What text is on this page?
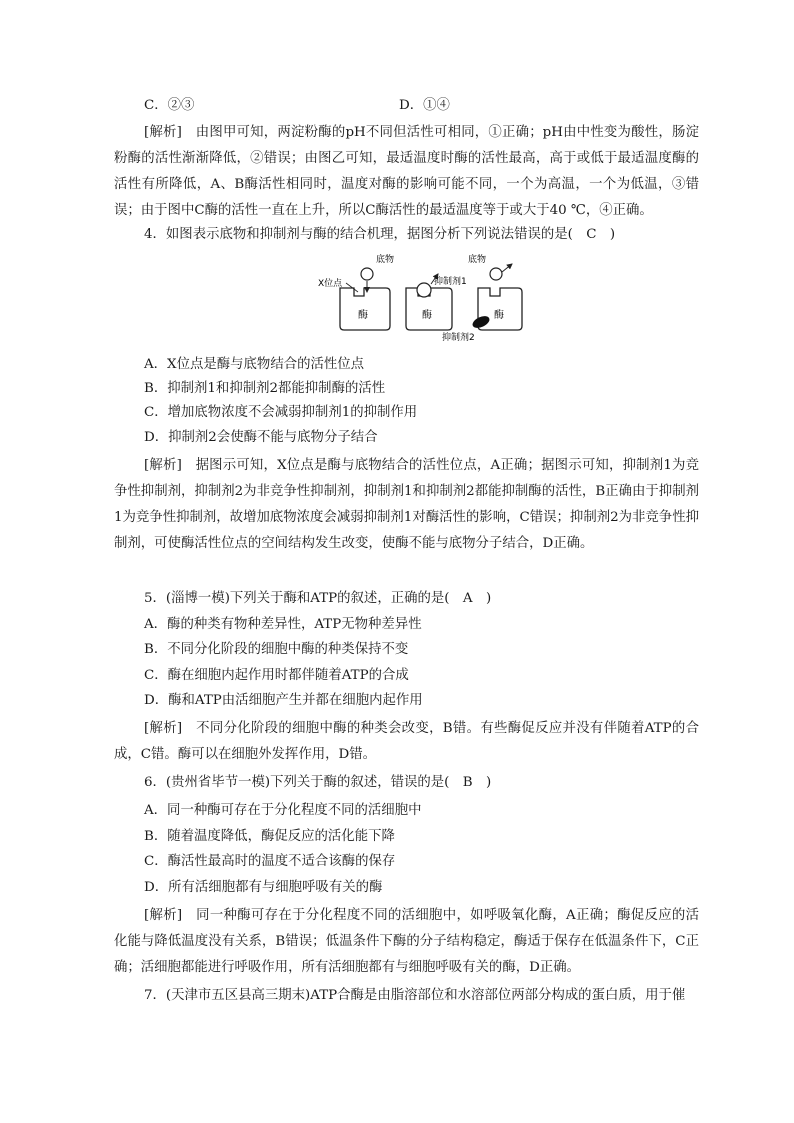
C．②③	D．①④
[解析]　由图甲可知，两淀粉酶的pH不同但活性可相同，①正确；pH由中性变为酸性，肠淀粉酶的活性渐渐降低，②错误；由图乙可知，最适温度时酶的活性最高，高于或低于最适温度酶的活性有所降低，A、B酶活性相同时，温度对酶的影响可能不同，一个为高温，一个为低温，③错误；由于图中C酶的活性一直在上升，所以C酶活性的最适温度等于或大于40 ℃，④正确。
4．如图表示底物和抑制剂与酶的结合机理，据图分析下列说法错误的是(　C　)
酶
底物
X位点
酶
抑制剂1
酶
底物
抑制剂2
A．X位点是酶与底物结合的活性位点
B．抑制剂1和抑制剂2都能抑制酶的活性
C．增加底物浓度不会减弱抑制剂1的抑制作用
D．抑制剂2会使酶不能与底物分子结合
[解析]　据图示可知，X位点是酶与底物结合的活性位点，A正确；据图示可知，抑制剂1为竞争性抑制剂，抑制剂2为非竞争性抑制剂，抑制剂1和抑制剂2都能抑制酶的活性，B正确由于抑制剂1为竞争性抑制剂，故增加底物浓度会减弱抑制剂1对酶活性的影响，C错误；抑制剂2为非竞争性抑制剂，可使酶活性位点的空间结构发生改变，使酶不能与底物分子结合，D正确。
5．(淄博一模)下列关于酶和ATP的叙述，正确的是(　A　)
A．酶的种类有物种差异性，ATP无物种差异性
B．不同分化阶段的细胞中酶的种类保持不变
C．酶在细胞内起作用时都伴随着ATP的合成
D．酶和ATP由活细胞产生并都在细胞内起作用
[解析]　不同分化阶段的细胞中酶的种类会改变，B错。有些酶促反应并没有伴随着ATP的合成，C错。酶可以在细胞外发挥作用，D错。
6．(贵州省毕节一模)下列关于酶的叙述，错误的是(　B　)
A．同一种酶可存在于分化程度不同的活细胞中
B．随着温度降低，酶促反应的活化能下降
C．酶活性最高时的温度不适合该酶的保存
D．所有活细胞都有与细胞呼吸有关的酶
[解析]　同一种酶可存在于分化程度不同的活细胞中，如呼吸氧化酶，A正确；酶促反应的活化能与降低温度没有关系，B错误；低温条件下酶的分子结构稳定，酶适于保存在低温条件下，C正确；活细胞都能进行呼吸作用，所有活细胞都有与细胞呼吸有关的酶，D正确。
7．(天津市五区县高三期末)ATP合酶是由脂溶部位和水溶部位两部分构成的蛋白质，用于催
